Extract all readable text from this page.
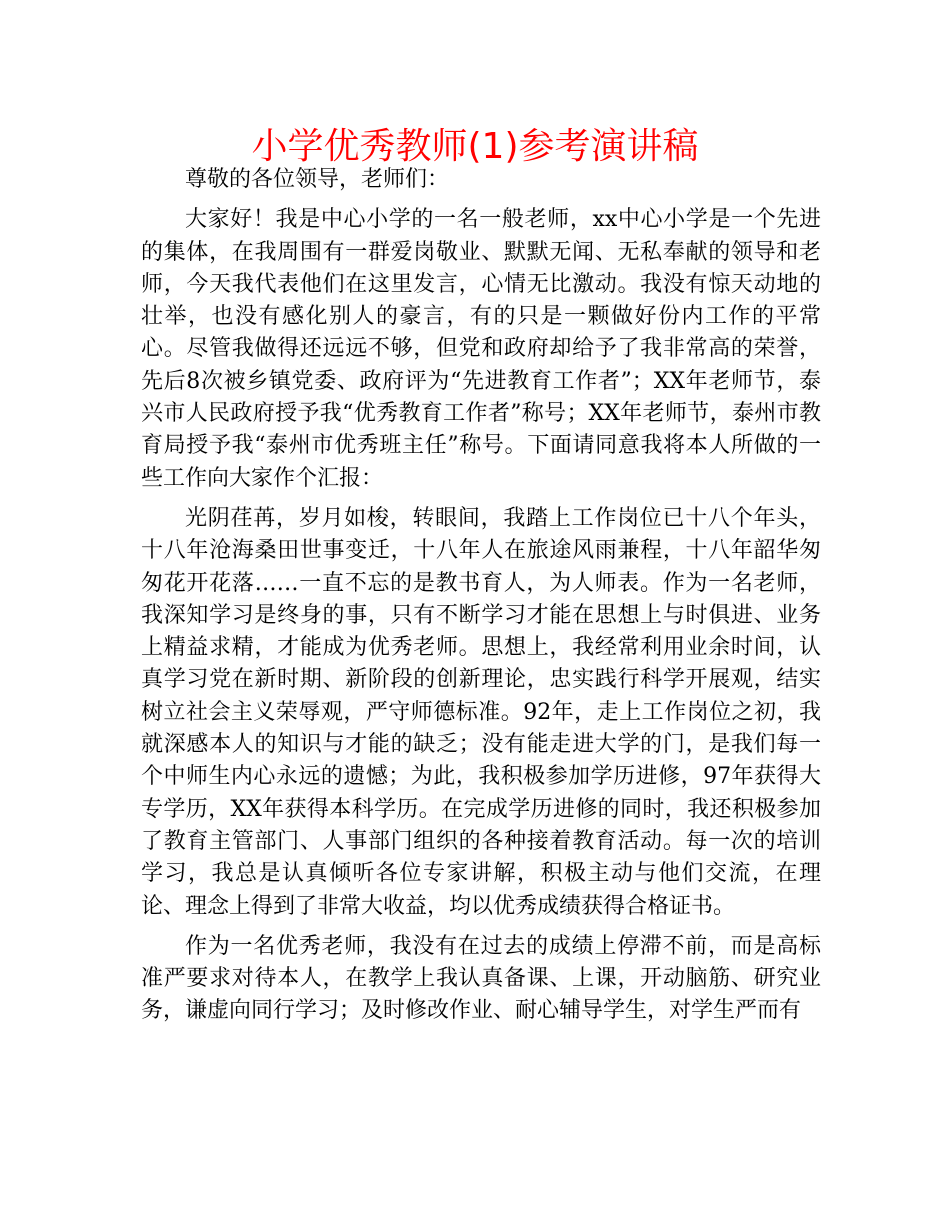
小学优秀教师(1)参考演讲稿

尊敬的各位领导，老师们：

大家好！我是中心小学的一名一般老师，xx中心小学是一个先进的集体，在我周围有一群爱岗敬业、默默无闻、无私奉献的领导和老师，今天我代表他们在这里发言，心情无比激动。我没有惊天动地的壮举，也没有感化别人的豪言，有的只是一颗做好份内工作的平常心。尽管我做得还远远不够，但党和政府却给予了我非常高的荣誉，先后8次被乡镇党委、政府评为“先进教育工作者”；XX年老师节，泰兴市人民政府授予我“优秀教育工作者”称号；XX年老师节，泰州市教育局授予我“泰州市优秀班主任”称号。下面请同意我将本人所做的一些工作向大家作个汇报：

光阴荏苒，岁月如梭，转眼间，我踏上工作岗位已十八个年头，十八年沧海桑田世事变迁，十八年人在旅途风雨兼程，十八年韶华匆匆花开花落……一直不忘的是教书育人，为人师表。作为一名老师，我深知学习是终身的事，只有不断学习才能在思想上与时俱进、业务上精益求精，才能成为优秀老师。思想上，我经常利用业余时间，认真学习党在新时期、新阶段的创新理论，忠实践行科学开展观，结实树立社会主义荣辱观，严守师德标准。92年，走上工作岗位之初，我就深感本人的知识与才能的缺乏；没有能走进大学的门，是我们每一个中师生内心永远的遗憾；为此，我积极参加学历进修，97年获得大专学历，XX年获得本科学历。在完成学历进修的同时，我还积极参加了教育主管部门、人事部门组织的各种接着教育活动。每一次的培训学习，我总是认真倾听各位专家讲解，积极主动与他们交流，在理论、理念上得到了非常大收益，均以优秀成绩获得合格证书。

作为一名优秀老师，我没有在过去的成绩上停滞不前，而是高标准严要求对待本人，在教学上我认真备课、上课，开动脑筋、研究业务，谦虚向同行学习；及时修改作业、耐心辅导学生，对学生严而有
